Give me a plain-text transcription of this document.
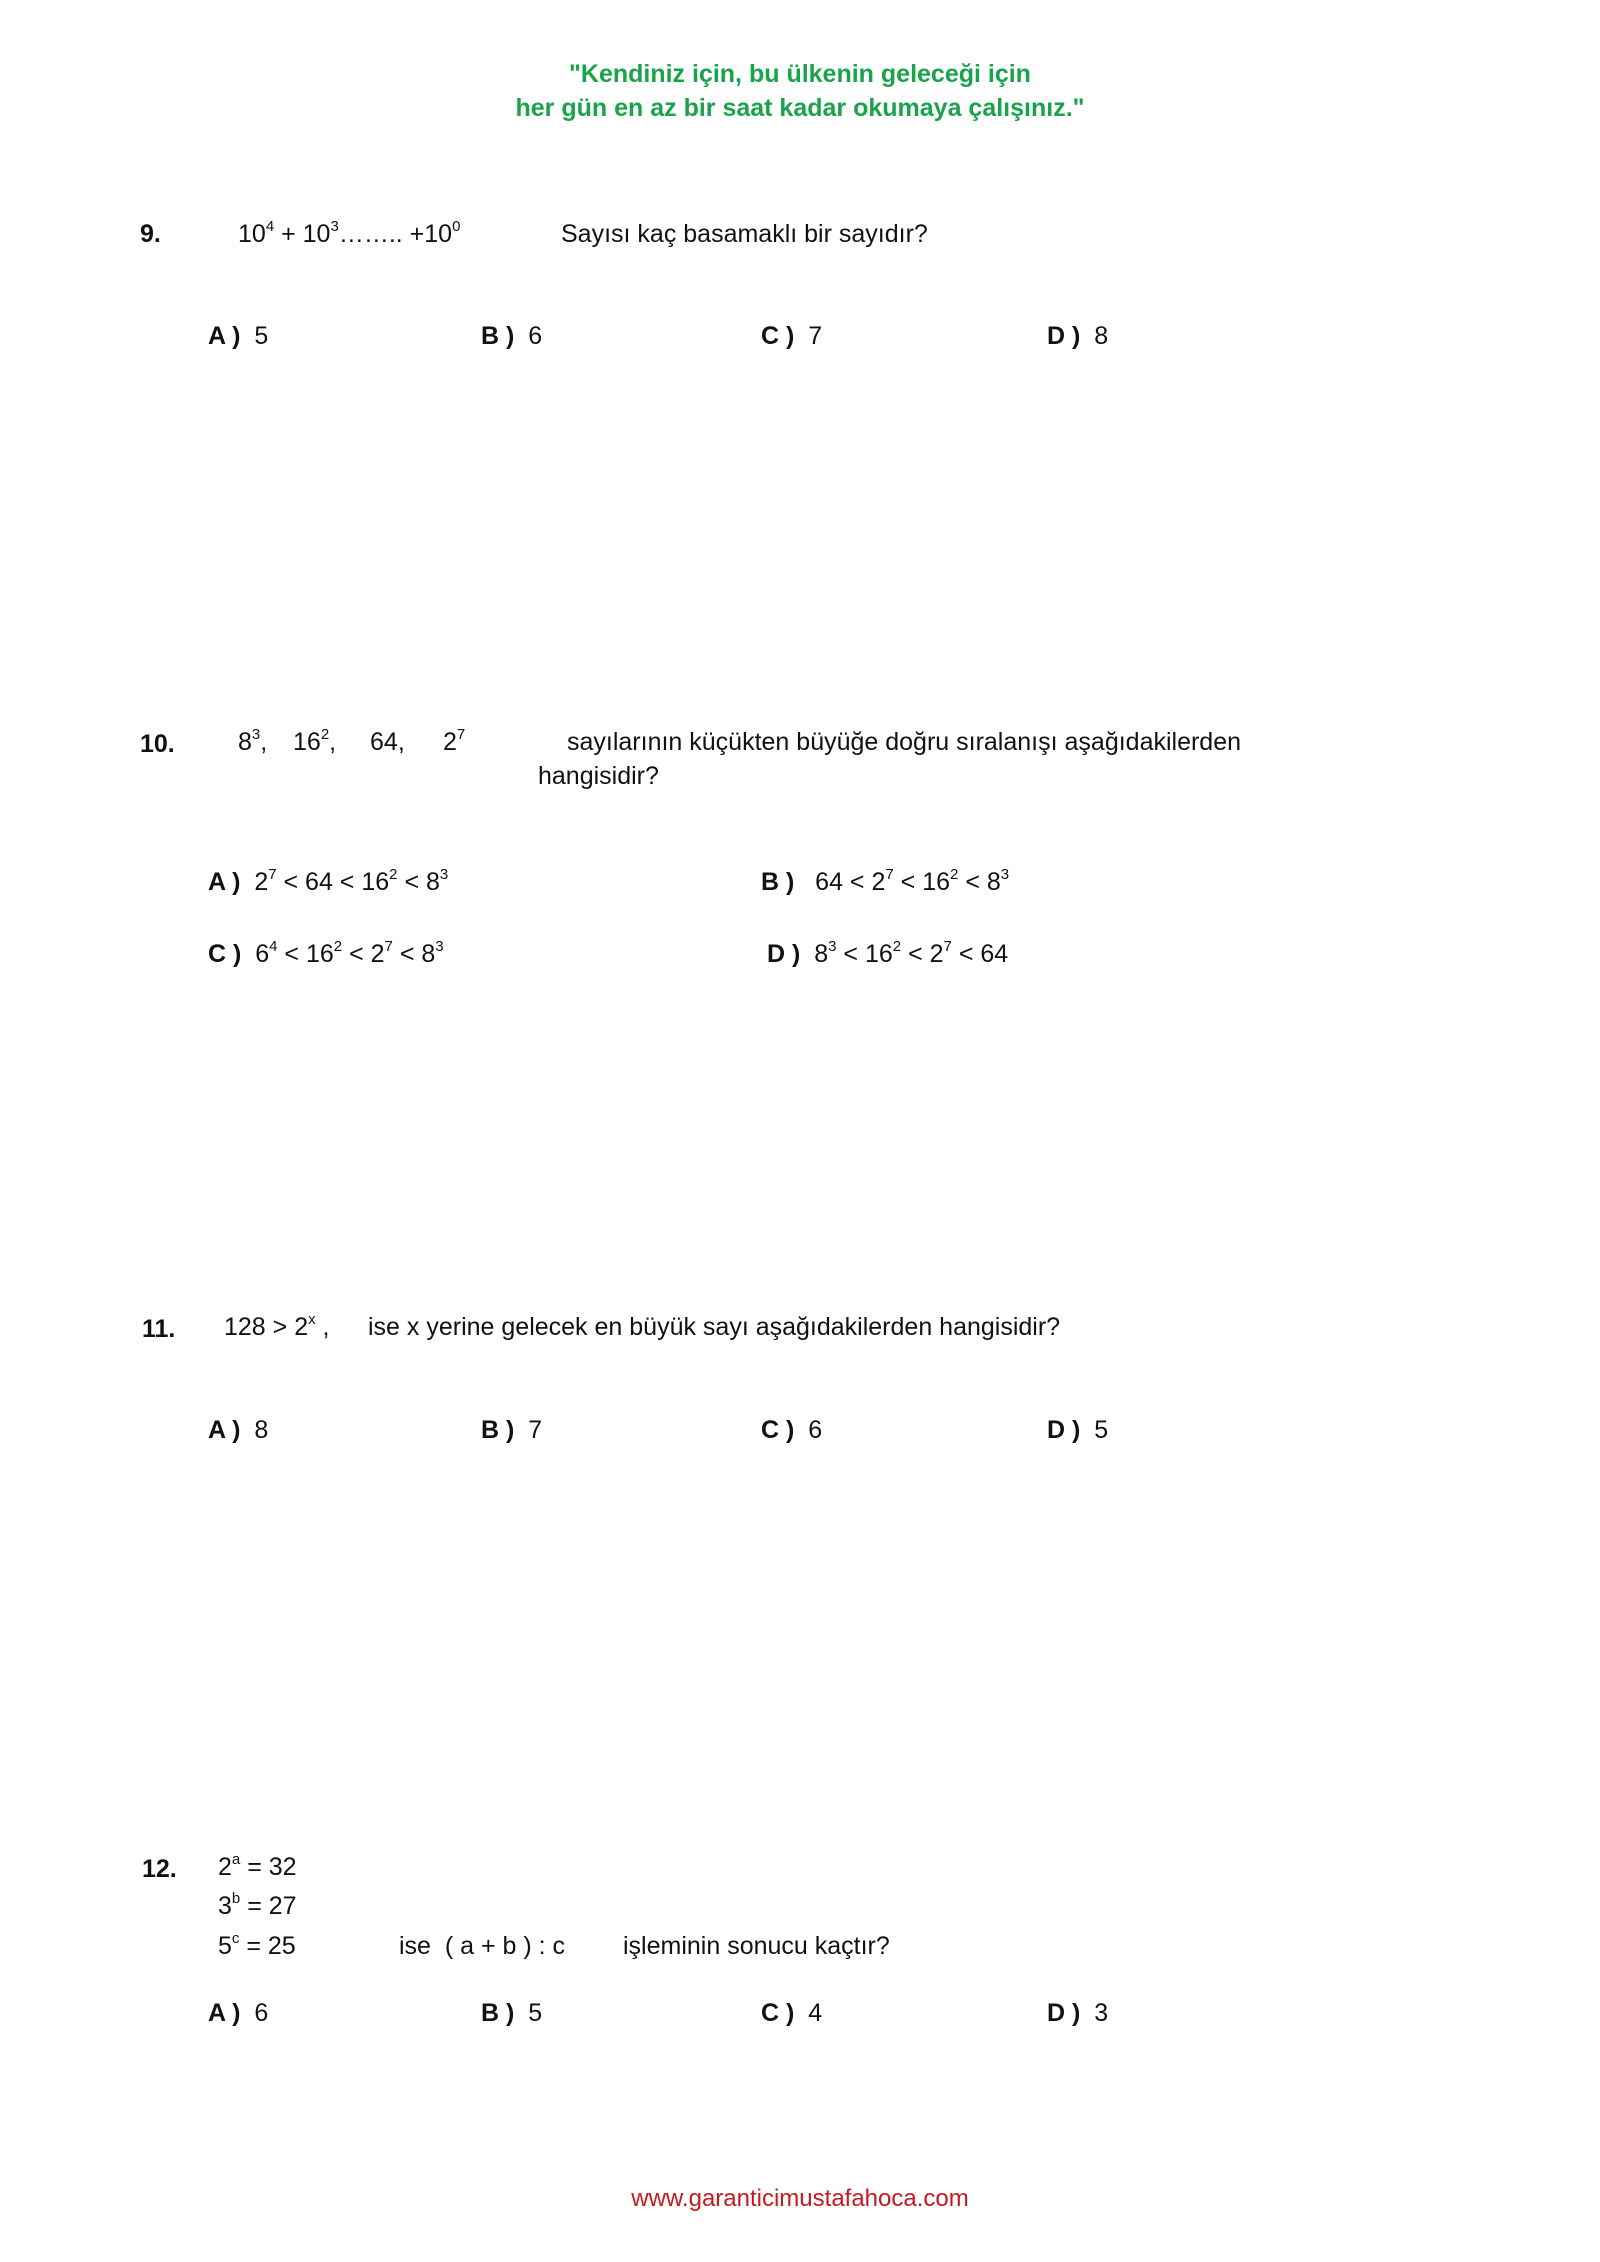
"Kendiniz için, bu ülkenin geleceği için
her gün en az bir saat kadar okumaya çalışınız."
9.	$10^4$ + $10^3\dots\dots$.. $+10^0$	Sayısı kaç basamaklı bir sayıdır?
A ) 5	B ) 6	C ) 7	D ) 8
10.	$8^3$, $16^2$, 64, $2^7$	sayılarının küçükten büyüğe doğru sıralanışı aşağıdakilerden
hangisidir?
A ) $2^7 < 64 < 16^2 < 8^3$	B ) $64 < 2^7 < 16^2 < 8^3$
C ) $6^4 < 16^2 < 2^7 < 8^3$	D ) $8^3 < 16^2 < 2^7 < 64$
11. $128 > 2^x$ , ise x yerine gelecek en büyük sayı aşağıdakilerden hangisidir?
A ) 8	B ) 7	C ) 6	D ) 5
12. $2^a = 32$
$3^b = 27$
$5^c = 25$	ise  ( a + b ) : c işleminin sonucu kaçtır?
A ) 6	B ) 5	C ) 4	D ) 3
www.garanticimustafahoca.com
